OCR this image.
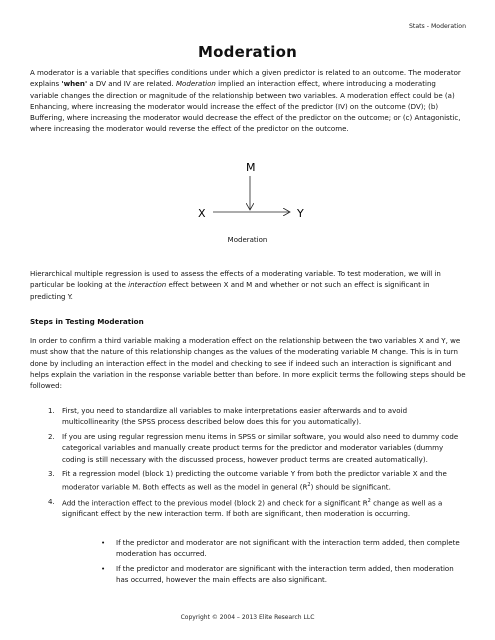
Stats - Moderation
Moderation

A moderator is a variable that specifies conditions under which a given predictor is related to an outcome. The moderator explains 'when' a DV and IV are related. Moderation implied an interaction effect, where introducing a moderating variable changes the direction or magnitude of the relationship between two variables. A moderation effect could be (a) Enhancing, where increasing the moderator would increase the effect of the predictor (IV) on the outcome (DV); (b) Buffering, where increasing the moderator would decrease the effect of the predictor on the outcome; or (c) Antagonistic, where increasing the moderator would reverse the effect of the predictor on the outcome.

M
X	Y
Moderation

Hierarchical multiple regression is used to assess the effects of a moderating variable. To test moderation, we will in particular be looking at the interaction effect between X and M and whether or not such an effect is significant in predicting Y.

Steps in Testing Moderation

In order to confirm a third variable making a moderation effect on the relationship between the two variables X and Y, we must show that the nature of this relationship changes as the values of the moderating variable M change. This is in turn done by including an interaction effect in the model and checking to see if indeed such an interaction is significant and helps explain the variation in the response variable better than before. In more explicit terms the following steps should be followed:

1. First, you need to standardize all variables to make interpretations easier afterwards and to avoid multicollinearity (the SPSS process described below does this for you automatically).
2. If you are using regular regression menu items in SPSS or similar software, you would also need to dummy code categorical variables and manually create product terms for the predictor and moderator variables (dummy coding is still necessary with the discussed process, however product terms are created automatically).
3. Fit a regression model (block 1) predicting the outcome variable Y from both the predictor variable X and the moderator variable M. Both effects as well as the model in general $(R^2)$ should be significant.
4. Add the interaction effect to the previous model (block 2) and check for a significant $R^2$ change as well as a significant effect by the new interaction term. If both are significant, then moderation is occurring.
• If the predictor and moderator are not significant with the interaction term added, then complete moderation has occurred.
• If the predictor and moderator are significant with the interaction term added, then moderation has occurred, however the main effects are also significant.
Copyright © 2004 – 2013 Elite Research LLC
